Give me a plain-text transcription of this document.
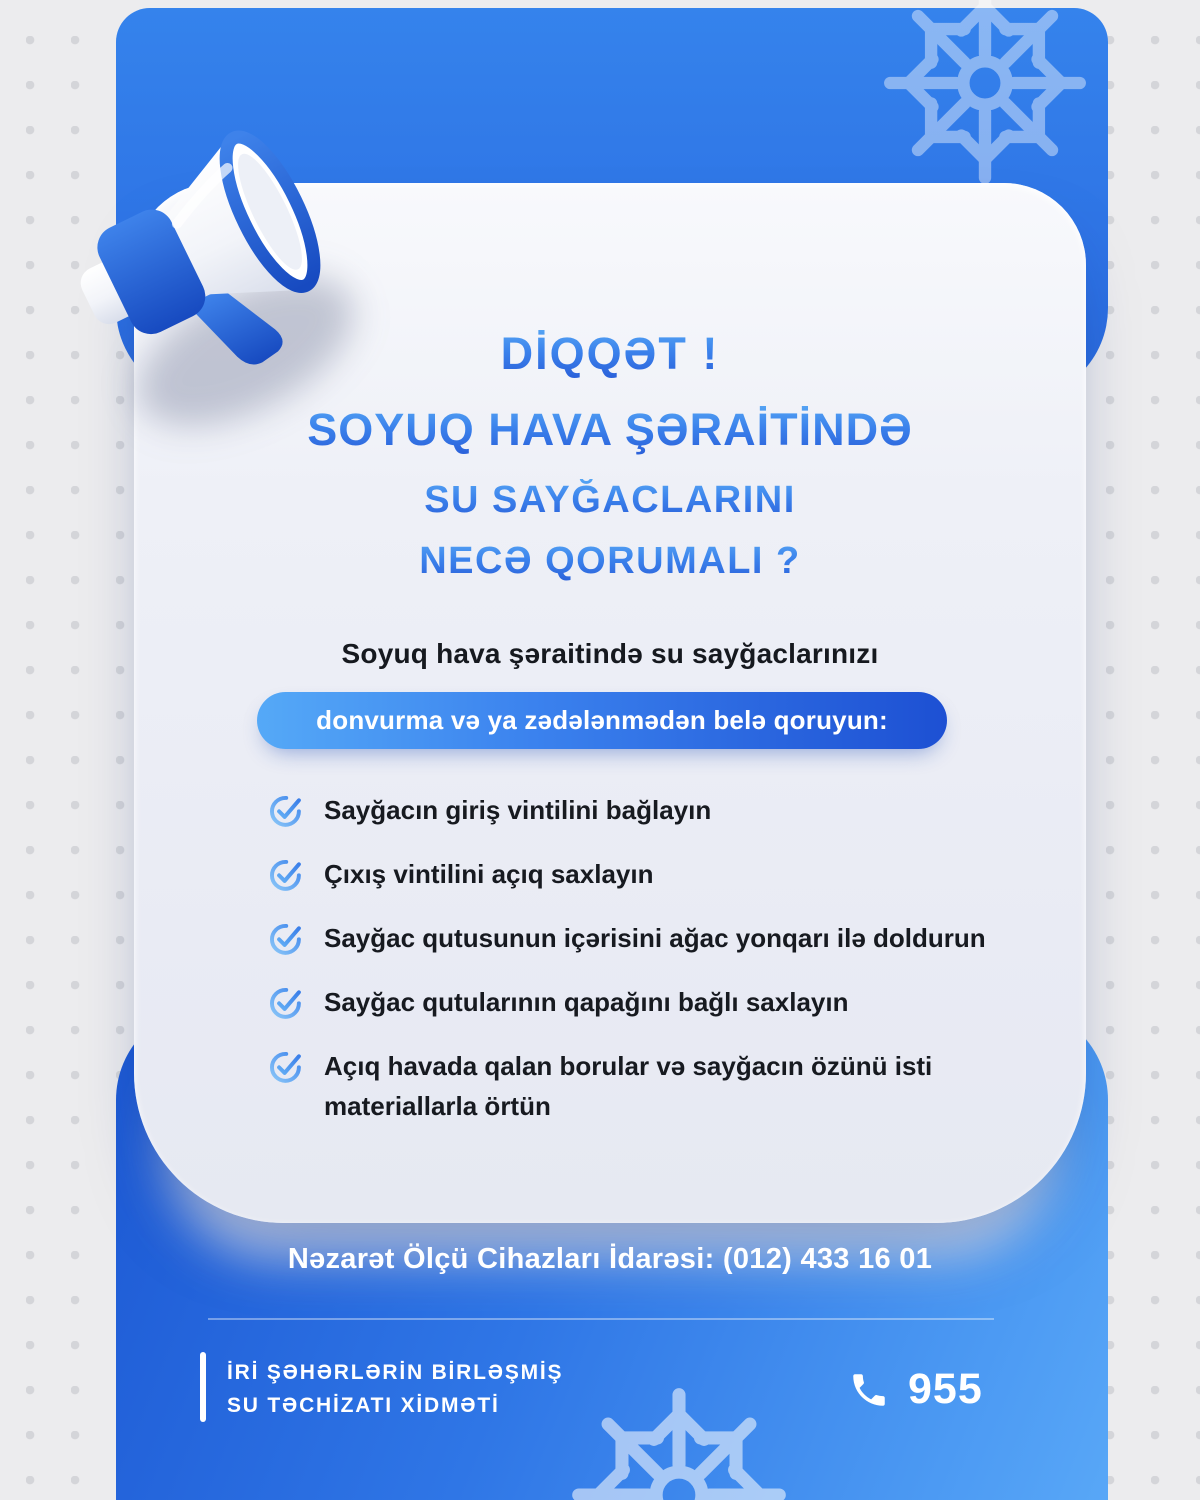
DİQQƏT !
SOYUQ HAVA ŞƏRAİTİNDƏ
SU SAYĞACLARINI
NECƏ QORUMALI ?
Soyuq hava şəraitində su sayğaclarınızı
donvurma və ya zədələnmədən belə qoruyun:
Sayğacın giriş vintilini bağlayın
Çıxış vintilini açıq saxlayın
Sayğac qutusunun içərisini ağac yonqarı ilə doldurun
Sayğac qutularının qapağını bağlı saxlayın
Açıq havada qalan borular və sayğacın özünü isti materiallarla örtün
Nəzarət Ölçü Cihazları İdarəsi: (012) 433 16 01
İRİ ŞƏHƏRLƏRİN BİRLƏŞMİŞ
SU TƏCHİZATI XİDMƏTİ	955
